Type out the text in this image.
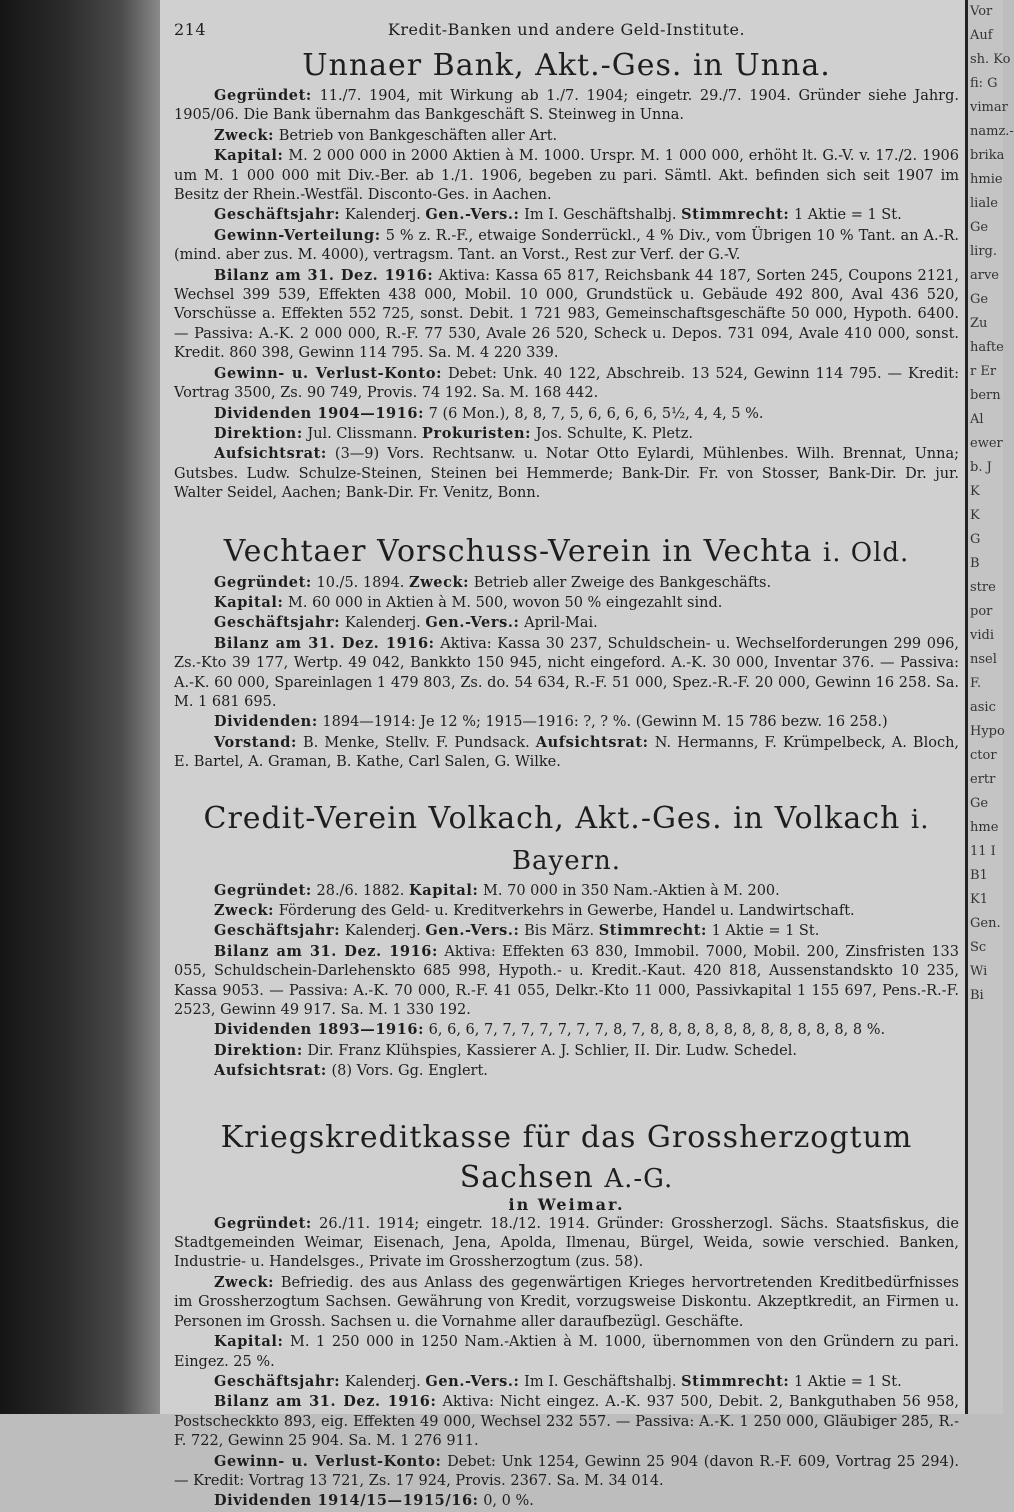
214	Kredit-Banken und andere Geld-Institute.
Unnaer Bank, Akt.-Ges. in Unna.

Gegründet: 11./7. 1904, mit Wirkung ab 1./7. 1904; eingetr. 29./7. 1904. Gründer siehe Jahrg. 1905/06. Die Bank übernahm das Bankgeschäft S. Steinweg in Unna.

Zweck: Betrieb von Bankgeschäften aller Art.

Kapital: M. 2 000 000 in 2000 Aktien à M. 1000. Urspr. M. 1 000 000, erhöht lt. G.-V. v. 17./2. 1906 um M. 1 000 000 mit Div.-Ber. ab 1./1. 1906, begeben zu pari. Sämtl. Akt. befinden sich seit 1907 im Besitz der Rhein.-Westfäl. Disconto-Ges. in Aachen.

Geschäftsjahr: Kalenderj. Gen.-Vers.: Im I. Geschäftshalbj. Stimmrecht: 1 Aktie = 1 St.

Gewinn-Verteilung: 5 % z. R.-F., etwaige Sonderrückl., 4 % Div., vom Übrigen 10 % Tant. an A.-R. (mind. aber zus. M. 4000), vertragsm. Tant. an Vorst., Rest zur Verf. der G.-V.

Bilanz am 31. Dez. 1916: Aktiva: Kassa 65 817, Reichsbank 44 187, Sorten 245, Coupons 2121, Wechsel 399 539, Effekten 438 000, Mobil. 10 000, Grundstück u. Gebäude 492 800, Aval 436 520, Vorschüsse a. Effekten 552 725, sonst. Debit. 1 721 983, Gemeinschaftsgeschäfte 50 000, Hypoth. 6400. — Passiva: A.-K. 2 000 000, R.-F. 77 530, Avale 26 520, Scheck u. Depos. 731 094, Avale 410 000, sonst. Kredit. 860 398, Gewinn 114 795. Sa. M. 4 220 339.

Gewinn- u. Verlust-Konto: Debet: Unk. 40 122, Abschreib. 13 524, Gewinn 114 795. — Kredit: Vortrag 3500, Zs. 90 749, Provis. 74 192. Sa. M. 168 442.

Dividenden 1904—1916: 7 (6 Mon.), 8, 8, 7, 5, 6, 6, 6, 6, 5½, 4, 4, 5 %.

Direktion: Jul. Clissmann. Prokuristen: Jos. Schulte, K. Pletz.

Aufsichtsrat: (3—9) Vors. Rechtsanw. u. Notar Otto Eylardi, Mühlenbes. Wilh. Brennat, Unna; Gutsbes. Ludw. Schulze-Steinen, Steinen bei Hemmerde; Bank-Dir. Fr. von Stosser, Bank-Dir. Dr. jur. Walter Seidel, Aachen; Bank-Dir. Fr. Venitz, Bonn.

Vechtaer Vorschuss-Verein in Vechta i. Old.

Gegründet: 10./5. 1894. Zweck: Betrieb aller Zweige des Bankgeschäfts.

Kapital: M. 60 000 in Aktien à M. 500, wovon 50 % eingezahlt sind.

Geschäftsjahr: Kalenderj. Gen.-Vers.: April-Mai.

Bilanz am 31. Dez. 1916: Aktiva: Kassa 30 237, Schuldschein- u. Wechselforderungen 299 096, Zs.-Kto 39 177, Wertp. 49 042, Bankkto 150 945, nicht eingeford. A.-K. 30 000, Inventar 376. — Passiva: A.-K. 60 000, Spareinlagen 1 479 803, Zs. do. 54 634, R.-F. 51 000, Spez.-R.-F. 20 000, Gewinn 16 258. Sa. M. 1 681 695.

Dividenden: 1894—1914: Je 12 %; 1915—1916: ?, ? %. (Gewinn M. 15 786 bezw. 16 258.)

Vorstand: B. Menke, Stellv. F. Pundsack. Aufsichtsrat: N. Hermanns, F. Krümpelbeck, A. Bloch, E. Bartel, A. Graman, B. Kathe, Carl Salen, G. Wilke.

Credit-Verein Volkach, Akt.-Ges. in Volkach i. Bayern.

Gegründet: 28./6. 1882. Kapital: M. 70 000 in 350 Nam.-Aktien à M. 200.

Zweck: Förderung des Geld- u. Kreditverkehrs in Gewerbe, Handel u. Landwirtschaft.

Geschäftsjahr: Kalenderj. Gen.-Vers.: Bis März. Stimmrecht: 1 Aktie = 1 St.

Bilanz am 31. Dez. 1916: Aktiva: Effekten 63 830, Immobil. 7000, Mobil. 200, Zinsfristen 133 055, Schuldschein-Darlehenskto 685 998, Hypoth.- u. Kredit.-Kaut. 420 818, Aussenstandskto 10 235, Kassa 9053. — Passiva: A.-K. 70 000, R.-F. 41 055, Delkr.-Kto 11 000, Passivkapital 1 155 697, Pens.-R.-F. 2523, Gewinn 49 917. Sa. M. 1 330 192.

Dividenden 1893—1916: 6, 6, 6, 7, 7, 7, 7, 7, 7, 7, 8, 7, 8, 8, 8, 8, 8, 8, 8, 8, 8, 8, 8, 8 %.

Direktion: Dir. Franz Klühspies, Kassierer A. J. Schlier, II. Dir. Ludw. Schedel.

Aufsichtsrat: (8) Vors. Gg. Englert.

Kriegskreditkasse für das Grossherzogtum Sachsen A.-G.
in Weimar.

Gegründet: 26./11. 1914; eingetr. 18./12. 1914. Gründer: Grossherzogl. Sächs. Staatsfiskus, die Stadtgemeinden Weimar, Eisenach, Jena, Apolda, Ilmenau, Bürgel, Weida, sowie verschied. Banken, Industrie- u. Handelsges., Private im Grossherzogtum (zus. 58).

Zweck: Befriedig. des aus Anlass des gegenwärtigen Krieges hervortretenden Kreditbedürfnisses im Grossherzogtum Sachsen. Gewährung von Kredit, vorzugsweise Diskontu. Akzeptkredit, an Firmen u. Personen im Grossh. Sachsen u. die Vornahme aller daraufbezügl. Geschäfte.

Kapital: M. 1 250 000 in 1250 Nam.-Aktien à M. 1000, übernommen von den Gründern zu pari. Eingez. 25 %.

Geschäftsjahr: Kalenderj. Gen.-Vers.: Im I. Geschäftshalbj. Stimmrecht: 1 Aktie = 1 St.

Bilanz am 31. Dez. 1916: Aktiva: Nicht eingez. A.-K. 937 500, Debit. 2, Bankguthaben 56 958, Postscheckkto 893, eig. Effekten 49 000, Wechsel 232 557. — Passiva: A.-K. 1 250 000, Gläubiger 285, R.-F. 722, Gewinn 25 904. Sa. M. 1 276 911.

Gewinn- u. Verlust-Konto: Debet: Unk 1254, Gewinn 25 904 (davon R.-F. 609, Vortrag 25 294). — Kredit: Vortrag 13 721, Zs. 17 924, Provis. 2367. Sa. M. 34 014.

Dividenden 1914/15—1915/16: 0, 0 %.

Vor
Auf
sh. Ko
fi: G
vimar
namz.-
brika
hmie
liale
Ge
lirg.
arve
Ge
Zu
hafte
r Er
bern
Al
ewer
b. J
K
K
G
B
stre
por
vidi
nsel
F.
asic
Hypo
ctor
ertr
Ge
hme
11 I
B1
K1
Gen.
Sc
Wi
Bi
